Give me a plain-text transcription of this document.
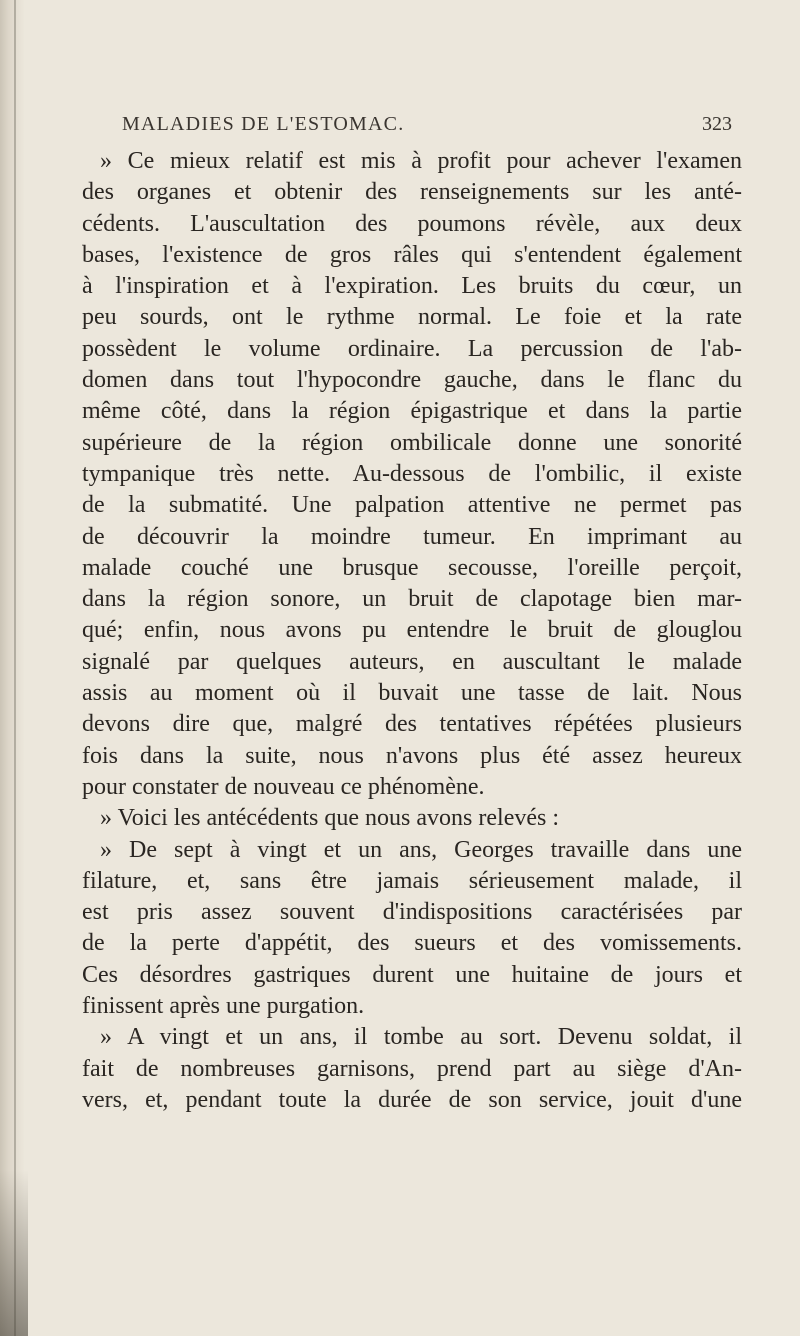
MALADIES DE L'ESTOMAC.	323
» Ce mieux relatif est mis à profit pour achever l'examen
des organes et obtenir des renseignements sur les anté-
cédents. L'auscultation des poumons révèle, aux deux
bases, l'existence de gros râles qui s'entendent également
à l'inspiration et à l'expiration. Les bruits du cœur, un
peu sourds, ont le rythme normal. Le foie et la rate
possèdent le volume ordinaire. La percussion de l'ab-
domen dans tout l'hypocondre gauche, dans le flanc du
même côté, dans la région épigastrique et dans la partie
supérieure de la région ombilicale donne une sonorité
tympanique très nette. Au-dessous de l'ombilic, il existe
de la submatité. Une palpation attentive ne permet pas
de découvrir la moindre tumeur. En imprimant au
malade couché une brusque secousse, l'oreille perçoit,
dans la région sonore, un bruit de clapotage bien mar-
qué; enfin, nous avons pu entendre le bruit de glouglou
signalé par quelques auteurs, en auscultant le malade
assis au moment où il buvait une tasse de lait. Nous
devons dire que, malgré des tentatives répétées plusieurs
fois dans la suite, nous n'avons plus été assez heureux
pour constater de nouveau ce phénomène.
» Voici les antécédents que nous avons relevés :
» De sept à vingt et un ans, Georges travaille dans une
filature, et, sans être jamais sérieusement malade, il
est pris assez souvent d'indispositions caractérisées par
de la perte d'appétit, des sueurs et des vomissements.
Ces désordres gastriques durent une huitaine de jours et
finissent après une purgation.
» A vingt et un ans, il tombe au sort. Devenu soldat, il
fait de nombreuses garnisons, prend part au siège d'An-
vers, et, pendant toute la durée de son service, jouit d'une
